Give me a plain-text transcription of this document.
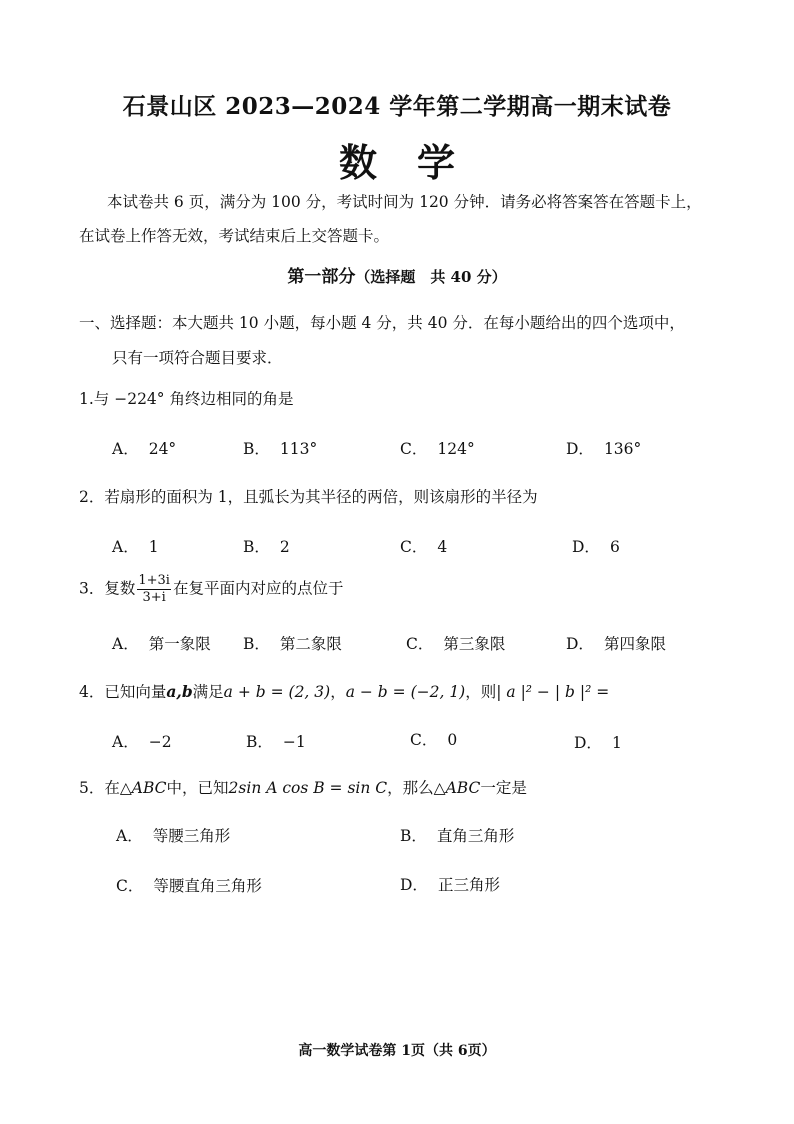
石景山区 2023—2024 学年第二学期高一期末试卷
数学
本试卷共 6 页，满分为 100 分，考试时间为 120 分钟．请务必将答案答在答题卡上，
在试卷上作答无效，考试结束后上交答题卡。
第一部分（选择题　共 40 分）
一、选择题：本大题共 10 小题，每小题 4 分，共 40 分．在每小题给出的四个选项中，
只有一项符合题目要求．
1.与 −224° 角终边相同的角是
A． 24°	B． 113°	C． 124°	D． 136°
2．若扇形的面积为 1，且弧长为其半径的两倍，则该扇形的半径为
A． 1	B． 2	C． 4	D． 6
3．复数 $\frac{1+3i}{3+i}$ 在复平面内对应的点位于
A． 第一象限 B． 第二象限	C． 第三象限	D． 第四象限
4．已知向量a,b满足a + b = (2, 3)，a − b = (−2, 1)，则| a |² − | b |² =
A． −2	B． −1	C． 0	D． 1
5．在△ABC中，已知2sin A cos B = sin C，那么△ABC一定是
A． 等腰三角形	B． 直角三角形
C． 等腰直角三角形	D． 正三角形
高一数学试卷第 1页（共 6页）
